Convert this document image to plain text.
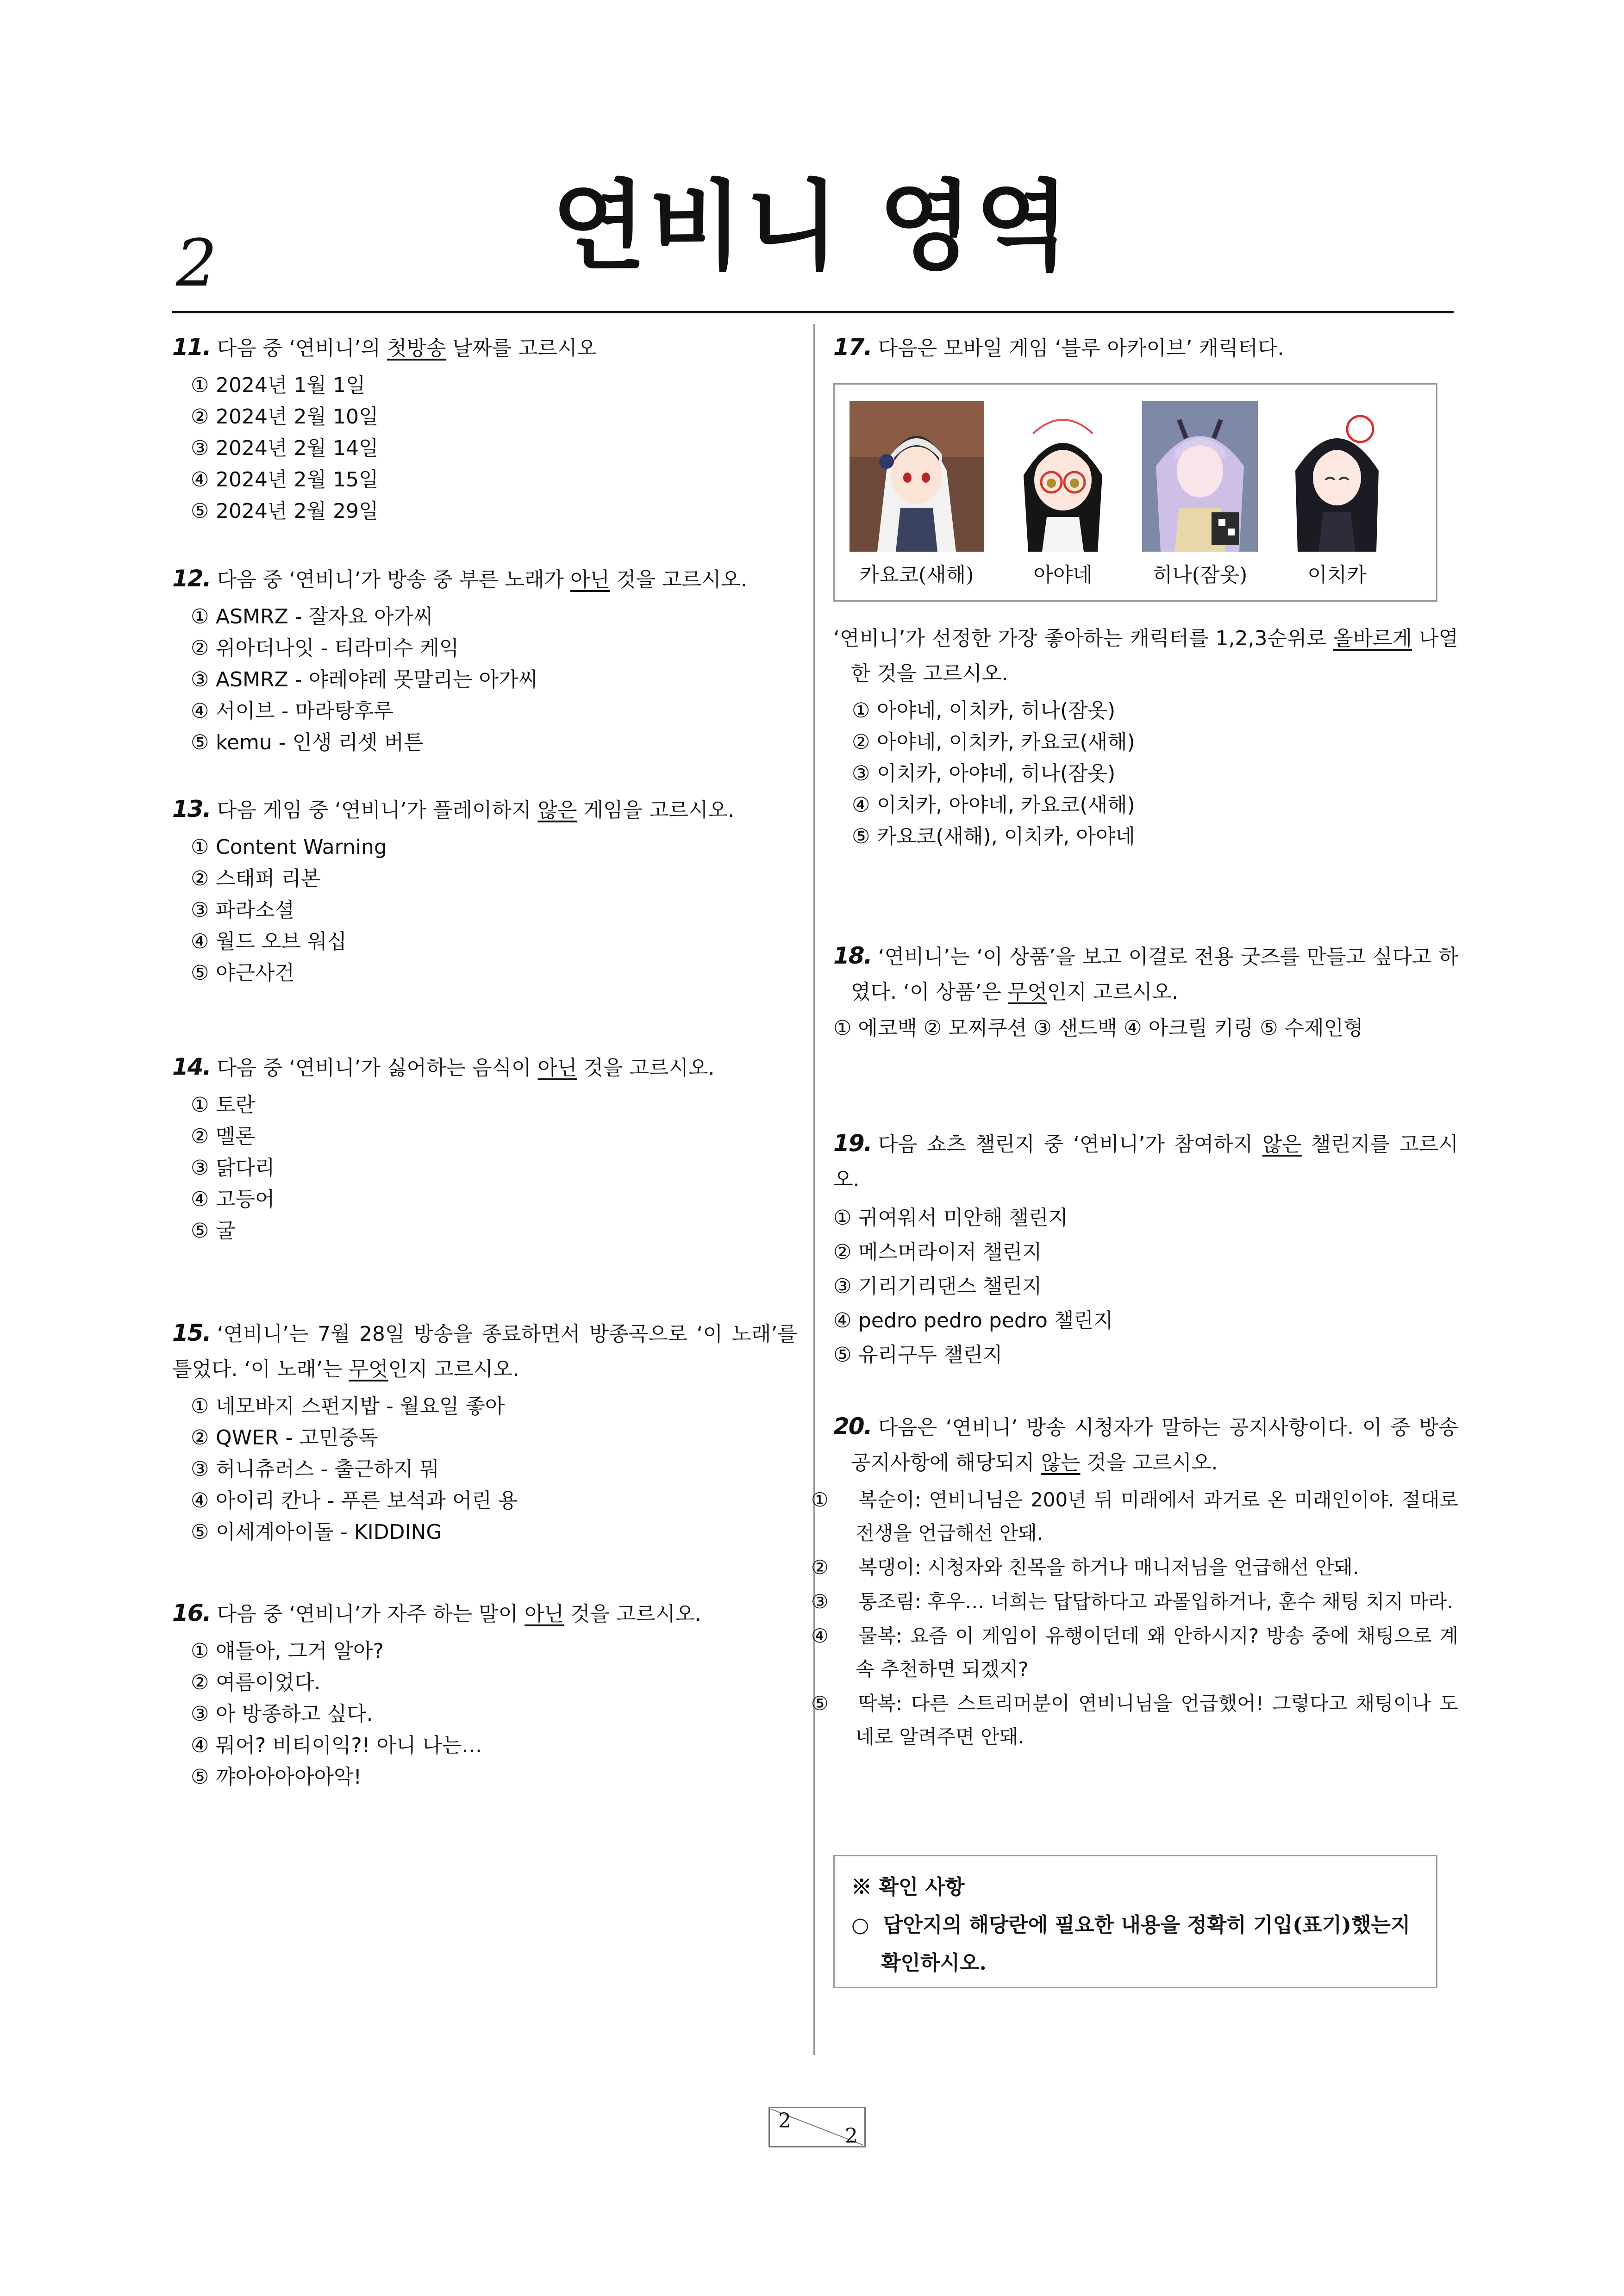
2	연비니 영역
11. 다음 중 ‘연비니’의 첫방송 날짜를 고르시오
① 2024년 1월 1일
② 2024년 2월 10일
③ 2024년 2월 14일
④ 2024년 2월 15일
⑤ 2024년 2월 29일
12. 다음 중 ‘연비니’가 방송 중 부른 노래가 아닌 것을 고르시오.
① ASMRZ - 잘자요 아가씨
② 위아더나잇 - 티라미수 케익
③ ASMRZ - 야레야레 못말리는 아가씨
④ 서이브 - 마라탕후루
⑤ kemu - 인생 리셋 버튼
13. 다음 게임 중 ‘연비니’가 플레이하지 않은 게임을 고르시오.
① Content Warning
② 스태퍼 리본
③ 파라소셜
④ 월드 오브 워십
⑤ 야근사건
14. 다음 중 ‘연비니’가 싫어하는 음식이 아닌 것을 고르시오.
① 토란
② 멜론
③ 닭다리
④ 고등어
⑤ 굴
15. ‘연비니’는 7월 28일 방송을 종료하면서 방종곡으로 ‘이 노래’를 틀었다. ‘이 노래’는 무엇인지 고르시오.
① 네모바지 스펀지밥 - 월요일 좋아
② QWER - 고민중독
③ 허니츄러스 - 출근하지 뭐
④ 아이리 칸나 - 푸른 보석과 어린 용
⑤ 이세계아이돌 - KIDDING
16. 다음 중 ‘연비니’가 자주 하는 말이 아닌 것을 고르시오.
① 얘들아, 그거 알아?
② 여름이었다.
③ 아 방종하고 싶다.
④ 뭐어? 비티이익?! 아니 나는…
⑤ 꺄아아아아아악!
17. 다음은 모바일 게임 ‘블루 아카이브’ 캐릭터다.
카요코(새해)	아야네	히나(잠옷)	이치카
‘연비니’가 선정한 가장 좋아하는 캐릭터를 1,2,3순위로 올바르게 나열한 것을 고르시오.
① 아야네, 이치카, 히나(잠옷)
② 아야네, 이치카, 카요코(새해)
③ 이치카, 아야네, 히나(잠옷)
④ 이치카, 아야네, 카요코(새해)
⑤ 카요코(새해), 이치카, 아야네
18. ‘연비니’는 ‘이 상품’을 보고 이걸로 전용 굿즈를 만들고 싶다고 하였다. ‘이 상품’은 무엇인지 고르시오.
① 에코백 ② 모찌쿠션 ③ 샌드백 ④ 아크릴 키링 ⑤ 수제인형
19. 다음 쇼츠 챌린지 중 ‘연비니’가 참여하지 않은 챌린지를 고르시오.
① 귀여워서 미안해 챌린지
② 메스머라이저 챌린지
③ 기리기리댄스 챌린지
④ pedro pedro pedro 챌린지
⑤ 유리구두 챌린지
20. 다음은 ‘연비니’ 방송 시청자가 말하는 공지사항이다. 이 중 방송 공지사항에 해당되지 않는 것을 고르시오.
① 복순이: 연비니님은 200년 뒤 미래에서 과거로 온 미래인이야. 절대로 전생을 언급해선 안돼.
② 복댕이: 시청자와 친목을 하거나 매니저님을 언급해선 안돼.
③ 통조림: 후우… 너희는 답답하다고 과몰입하거나, 훈수 채팅 치지 마라.
④ 물복: 요즘 이 게임이 유행이던데 왜 안하시지? 방송 중에 채팅으로 계속 추천하면 되겠지?
⑤ 딱복: 다른 스트리머분이 연비니님을 언급했어! 그렇다고 채팅이나 도네로 알려주면 안돼.
※ 확인 사항
○ 답안지의 해당란에 필요한 내용을 정확히 기입(표기)했는지 확인하시오.
2
2
